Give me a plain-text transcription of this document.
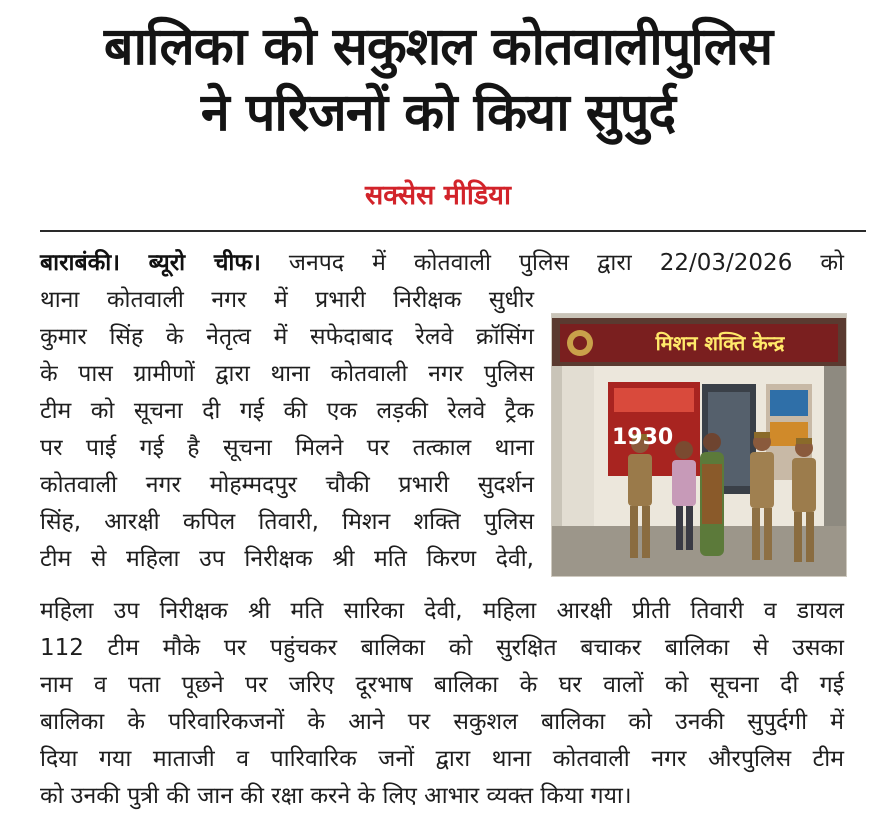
बालिका को सकुशल कोतवालीपुलिस
ने परिजनों को किया सुपुर्द
सक्सेस मीडिया
बाराबंकी। ब्यूरो चीफ। जनपद में कोतवाली पुलिस द्वारा 22/03/2026 को
थाना कोतवाली नगर में प्रभारी निरीक्षक सुधीर
कुमार सिंह के नेतृत्व में सफेदाबाद रेलवे क्रॉसिंग
के पास ग्रामीणों द्वारा थाना कोतवाली नगर पुलिस
टीम को सूचना दी गई की एक लड़की रेलवे ट्रैक
पर पाई गई है सूचना मिलने पर तत्काल थाना
कोतवाली नगर मोहम्मदपुर चौकी प्रभारी सुदर्शन
सिंह, आरक्षी कपिल तिवारी, मिशन शक्ति पुलिस
टीम से महिला उप निरीक्षक श्री मति किरण देवी,
महिला उप निरीक्षक श्री मति सारिका देवी, महिला आरक्षी प्रीती तिवारी व डायल
112 टीम मौके पर पहुंचकर बालिका को सुरक्षित बचाकर बालिका से उसका
नाम व पता पूछने पर जरिए दूरभाष बालिका के घर वालों को सूचना दी गई
बालिका के परिवारिकजनों के आने पर सकुशल बालिका को उनकी सुपुर्दगी में
दिया गया माताजी व पारिवारिक जनों द्वारा थाना कोतवाली नगर औरपुलिस टीम
को उनकी पुत्री की जान की रक्षा करने के लिए आभार व्यक्त किया गया।
मिशन शक्ति केन्द्र
1930
